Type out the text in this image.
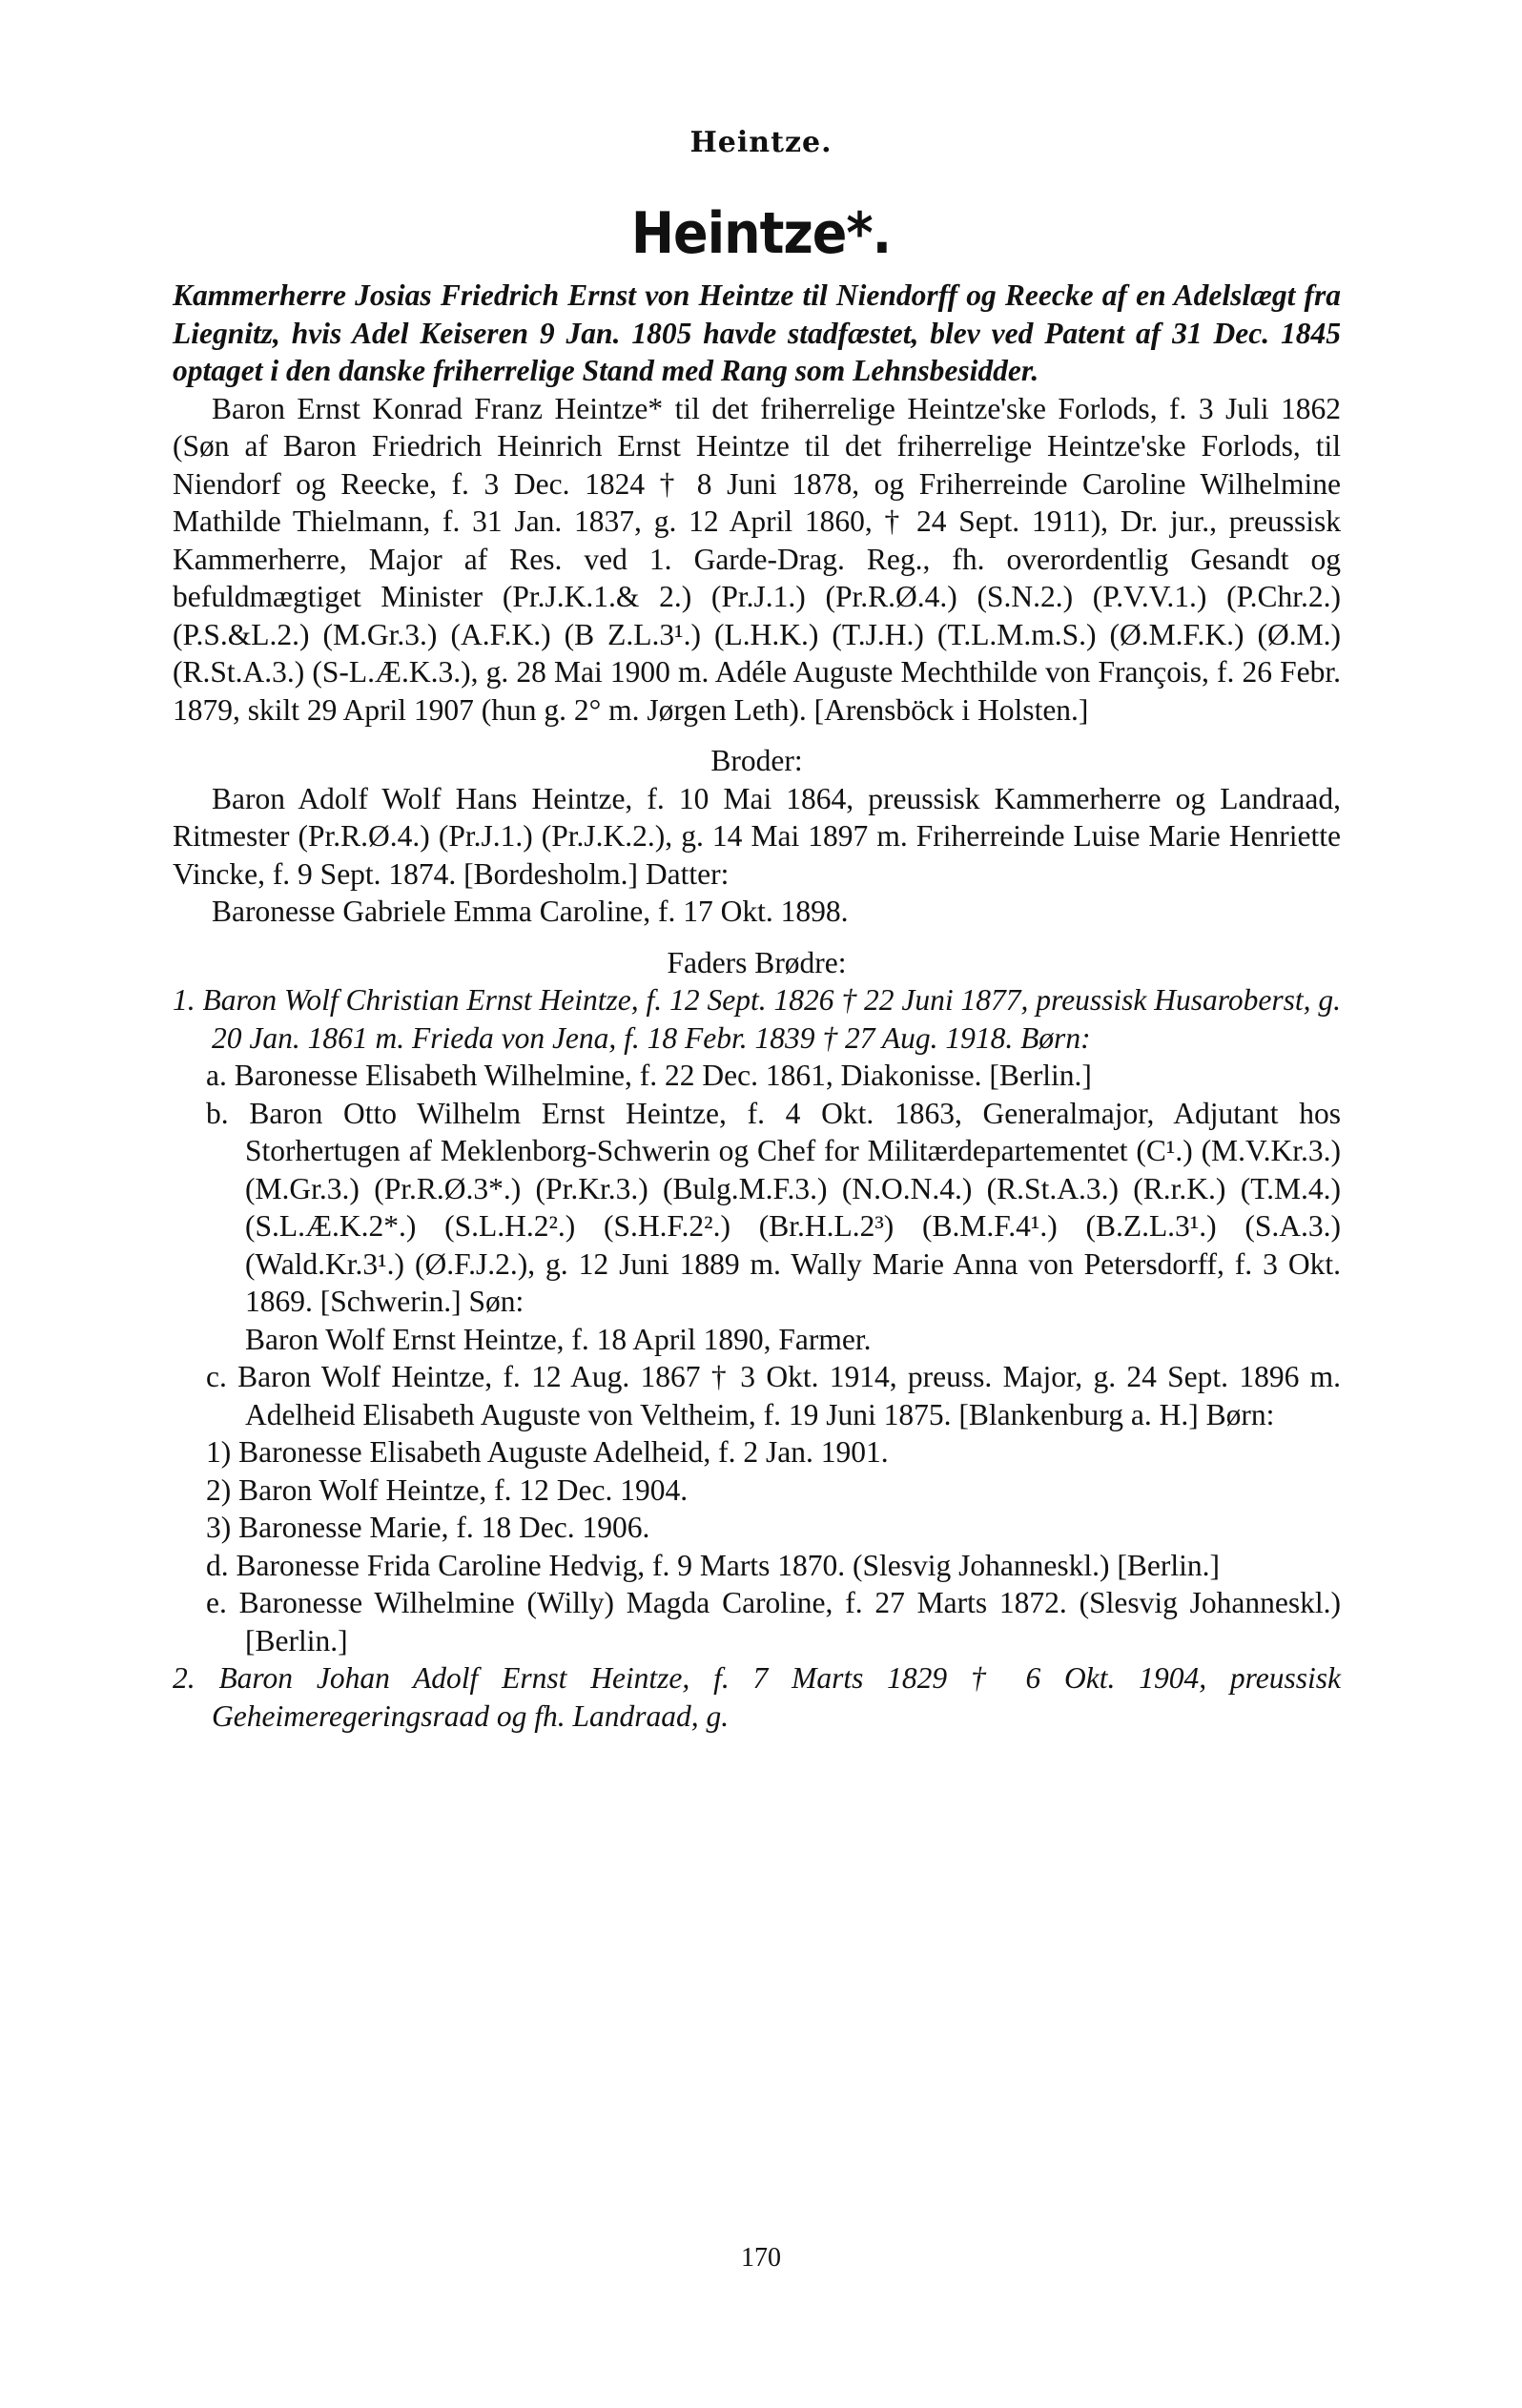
Heintze.
Heintze*.

Kammerherre Josias Friedrich Ernst von Heintze til Niendorff og Reecke af en Adelslægt fra Liegnitz, hvis Adel Keiseren 9 Jan. 1805 havde stadfæstet, blev ved Patent af 31 Dec. 1845 optaget i den danske friherrelige Stand med Rang som Lehnsbesidder.

Baron Ernst Konrad Franz Heintze* til det friherrelige Heintze'ske Forlods, f. 3 Juli 1862 (Søn af Baron Friedrich Heinrich Ernst Heintze til det friherrelige Heintze'ske Forlods, til Niendorf og Reecke, f. 3 Dec. 1824 † 8 Juni 1878, og Friherreinde Caroline Wilhelmine Mathilde Thielmann, f. 31 Jan. 1837, g. 12 April 1860, † 24 Sept. 1911), Dr. jur., preussisk Kammerherre, Major af Res. ved 1. Garde-Drag. Reg., fh. overordentlig Gesandt og befuldmægtiget Minister (Pr.J.K.1.& 2.) (Pr.J.1.) (Pr.R.Ø.4.) (S.N.2.) (P.V.V.1.) (P.Chr.2.) (P.S.&L.2.) (M.Gr.3.) (A.F.K.) (B Z.L.3¹.) (L.H.K.) (T.J.H.) (T.L.M.m.S.) (Ø.M.F.K.) (Ø.M.) (R.St.A.3.) (S-L.Æ.K.3.), g. 28 Mai 1900 m. Adéle Auguste Mechthilde von François, f. 26 Febr. 1879, skilt 29 April 1907 (hun g. 2° m. Jørgen Leth). [Arensböck i Holsten.]

Broder:

Baron Adolf Wolf Hans Heintze, f. 10 Mai 1864, preussisk Kammerherre og Landraad, Ritmester (Pr.R.Ø.4.) (Pr.J.1.) (Pr.J.K.2.), g. 14 Mai 1897 m. Friherreinde Luise Marie Henriette Vincke, f. 9 Sept. 1874. [Bordesholm.] Datter:

Baronesse Gabriele Emma Caroline, f. 17 Okt. 1898.

Faders Brødre:

1. Baron Wolf Christian Ernst Heintze, f. 12 Sept. 1826 † 22 Juni 1877, preussisk Husaroberst, g. 20 Jan. 1861 m. Frieda von Jena, f. 18 Febr. 1839 † 27 Aug. 1918. Børn:

a. Baronesse Elisabeth Wilhelmine, f. 22 Dec. 1861, Diakonisse. [Berlin.]

b. Baron Otto Wilhelm Ernst Heintze, f. 4 Okt. 1863, Generalmajor, Adjutant hos Storhertugen af Meklenborg-Schwerin og Chef for Militærdepartementet (C¹.) (M.V.Kr.3.) (M.Gr.3.) (Pr.R.Ø.3*.) (Pr.Kr.3.) (Bulg.M.F.3.) (N.O.N.4.) (R.St.A.3.) (R.r.K.) (T.M.4.) (S.L.Æ.K.2*.) (S.L.H.2².) (S.H.F.2².) (Br.H.L.2³) (B.M.F.4¹.) (B.Z.L.3¹.) (S.A.3.) (Wald.Kr.3¹.) (Ø.F.J.2.), g. 12 Juni 1889 m. Wally Marie Anna von Petersdorff, f. 3 Okt. 1869. [Schwerin.] Søn:

Baron Wolf Ernst Heintze, f. 18 April 1890, Farmer.

c. Baron Wolf Heintze, f. 12 Aug. 1867 † 3 Okt. 1914, preuss. Major, g. 24 Sept. 1896 m. Adelheid Elisabeth Auguste von Veltheim, f. 19 Juni 1875. [Blankenburg a. H.] Børn:

1) Baronesse Elisabeth Auguste Adelheid, f. 2 Jan. 1901.

2) Baron Wolf Heintze, f. 12 Dec. 1904.

3) Baronesse Marie, f. 18 Dec. 1906.

d. Baronesse Frida Caroline Hedvig, f. 9 Marts 1870. (Slesvig Johanneskl.) [Berlin.]

e. Baronesse Wilhelmine (Willy) Magda Caroline, f. 27 Marts 1872. (Slesvig Johanneskl.) [Berlin.]

2. Baron Johan Adolf Ernst Heintze, f. 7 Marts 1829 † 6 Okt. 1904, preussisk Geheimeregeringsraad og fh. Landraad, g.

170
